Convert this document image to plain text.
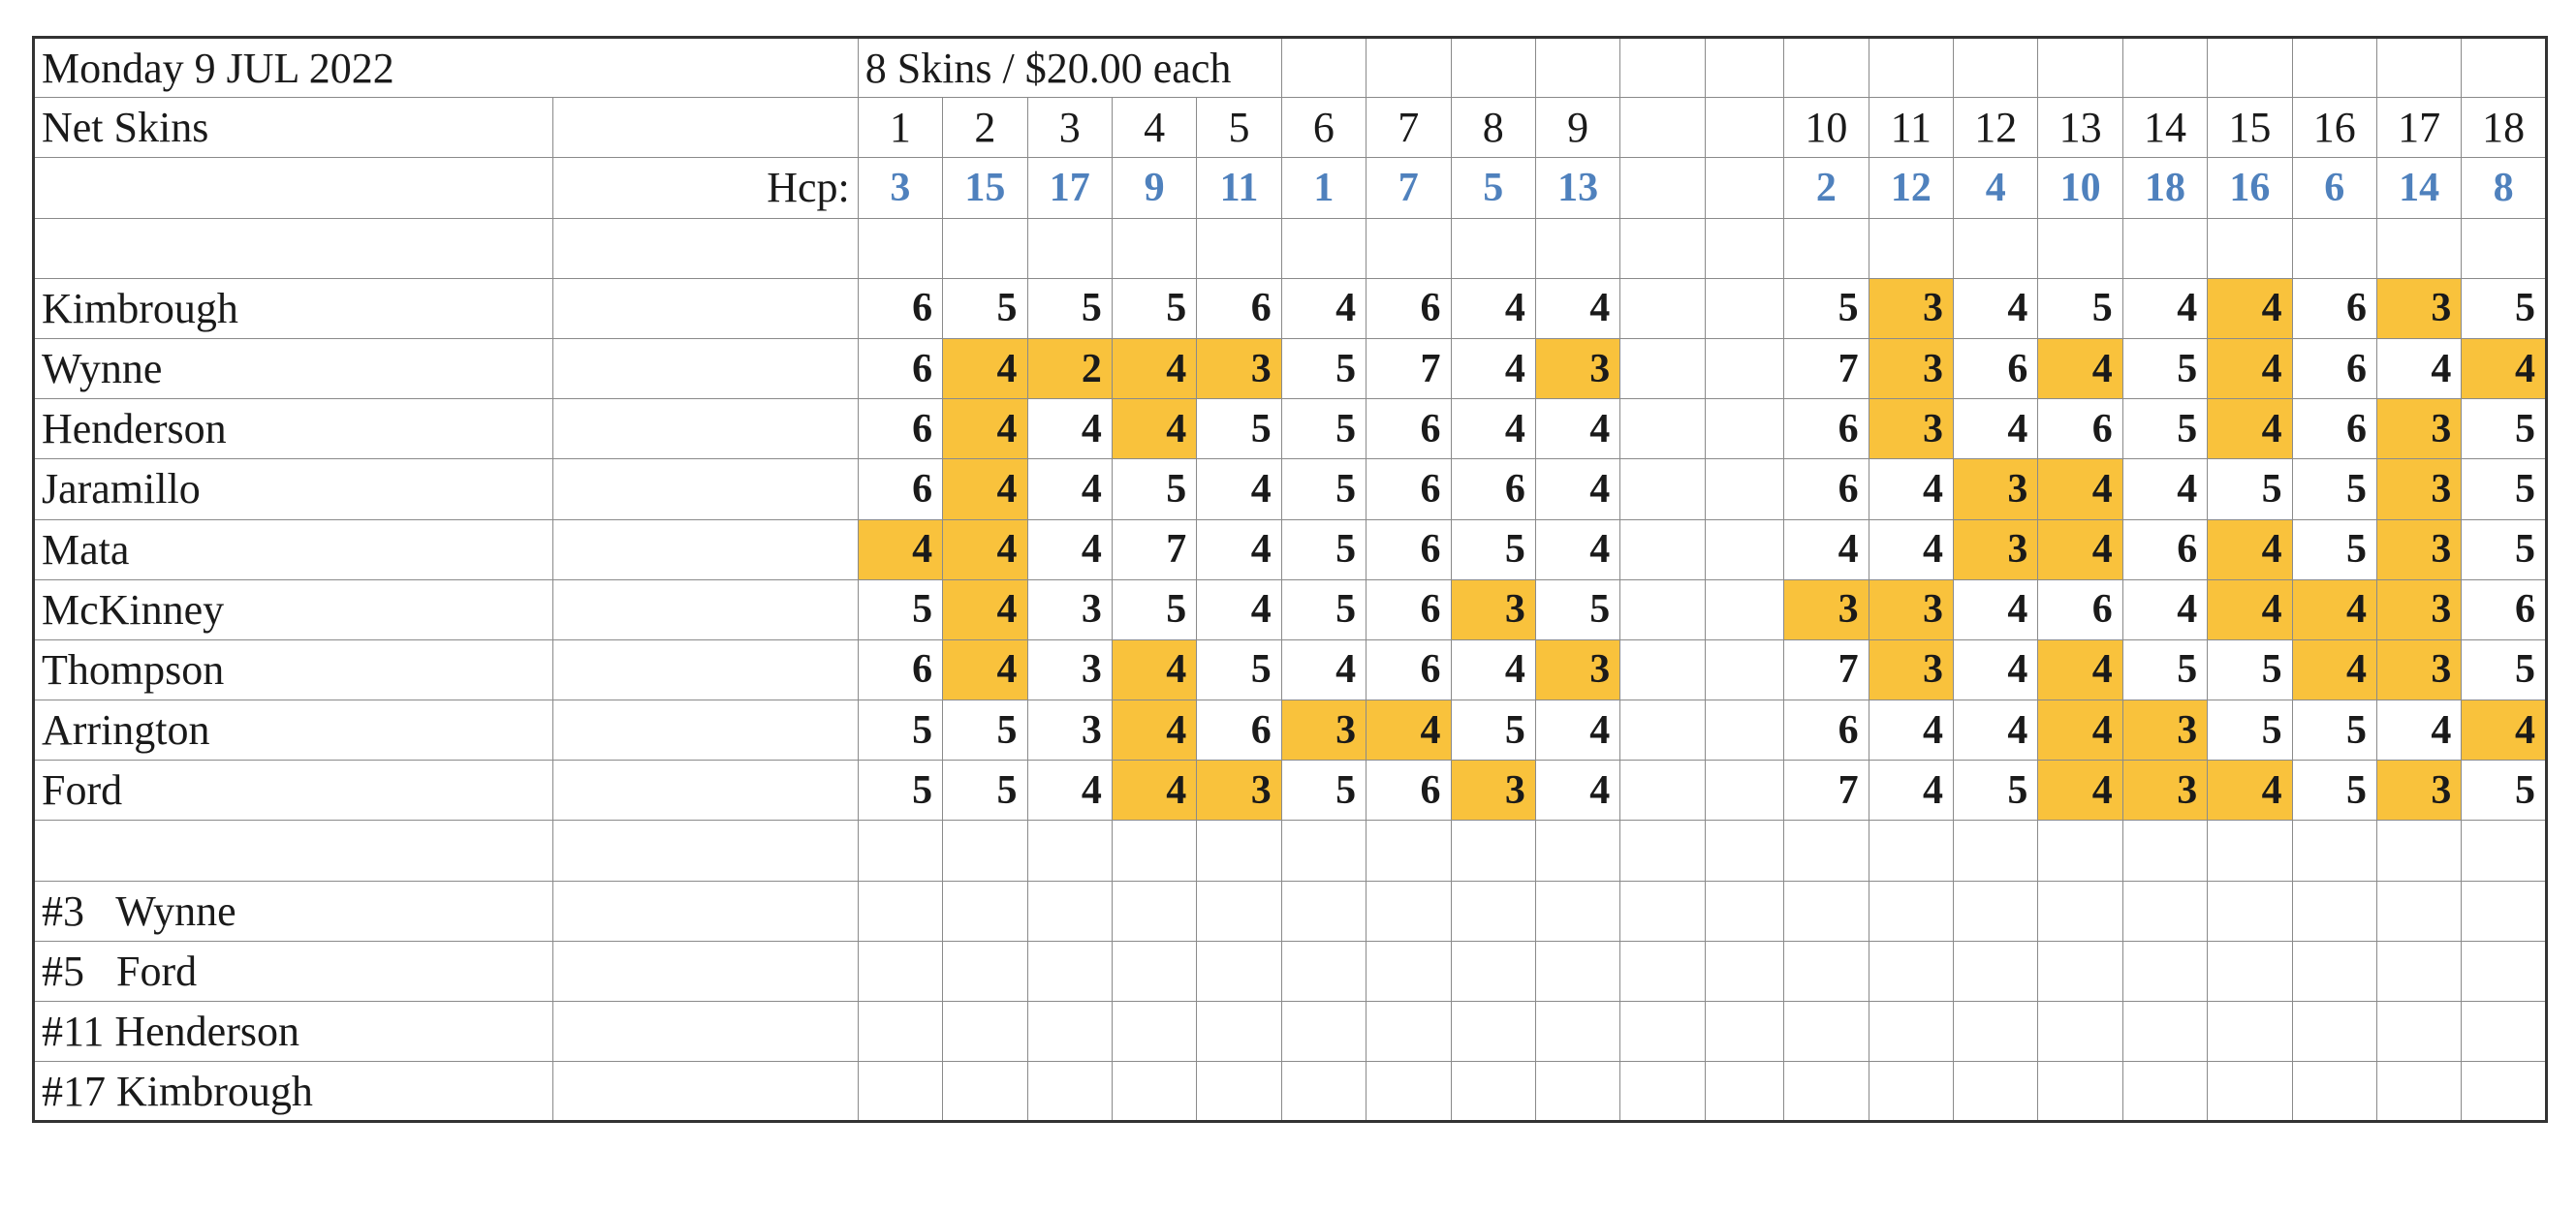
Monday 9 JUL 2022		8 Skins / $20.00 each																			
Net Skins		1	2	3	4	5	6	7	8	9			10	11	12	13	14	15	16	17	18
	Hcp:	3	15	17	9	11	1	7	5	13			2	12	4	10	18	16	6	14	8

Kimbrough		6	5	5	5	6	4	6	4	4			5	3	4	5	4	4	6	3	5
Wynne		6	4	2	4	3	5	7	4	3			7	3	6	4	5	4	6	4	4
Henderson		6	4	4	4	5	5	6	4	4			6	3	4	6	5	4	6	3	5
Jaramillo		6	4	4	5	4	5	6	6	4			6	4	3	4	4	5	5	3	5
Mata		4	4	4	7	4	5	6	5	4			4	4	3	4	6	4	5	3	5
McKinney		5	4	3	5	4	5	6	3	5			3	3	4	6	4	4	4	3	6
Thompson		6	4	3	4	5	4	6	4	3			7	3	4	4	5	5	4	3	5
Arrington		5	5	3	4	6	3	4	5	4			6	4	4	4	3	5	5	4	4
Ford		5	5	4	4	3	5	6	3	4			7	4	5	4	3	4	5	3	5

#3   Wynne																					
#5   Ford																					
#11 Henderson																					
#17 Kimbrough																					
